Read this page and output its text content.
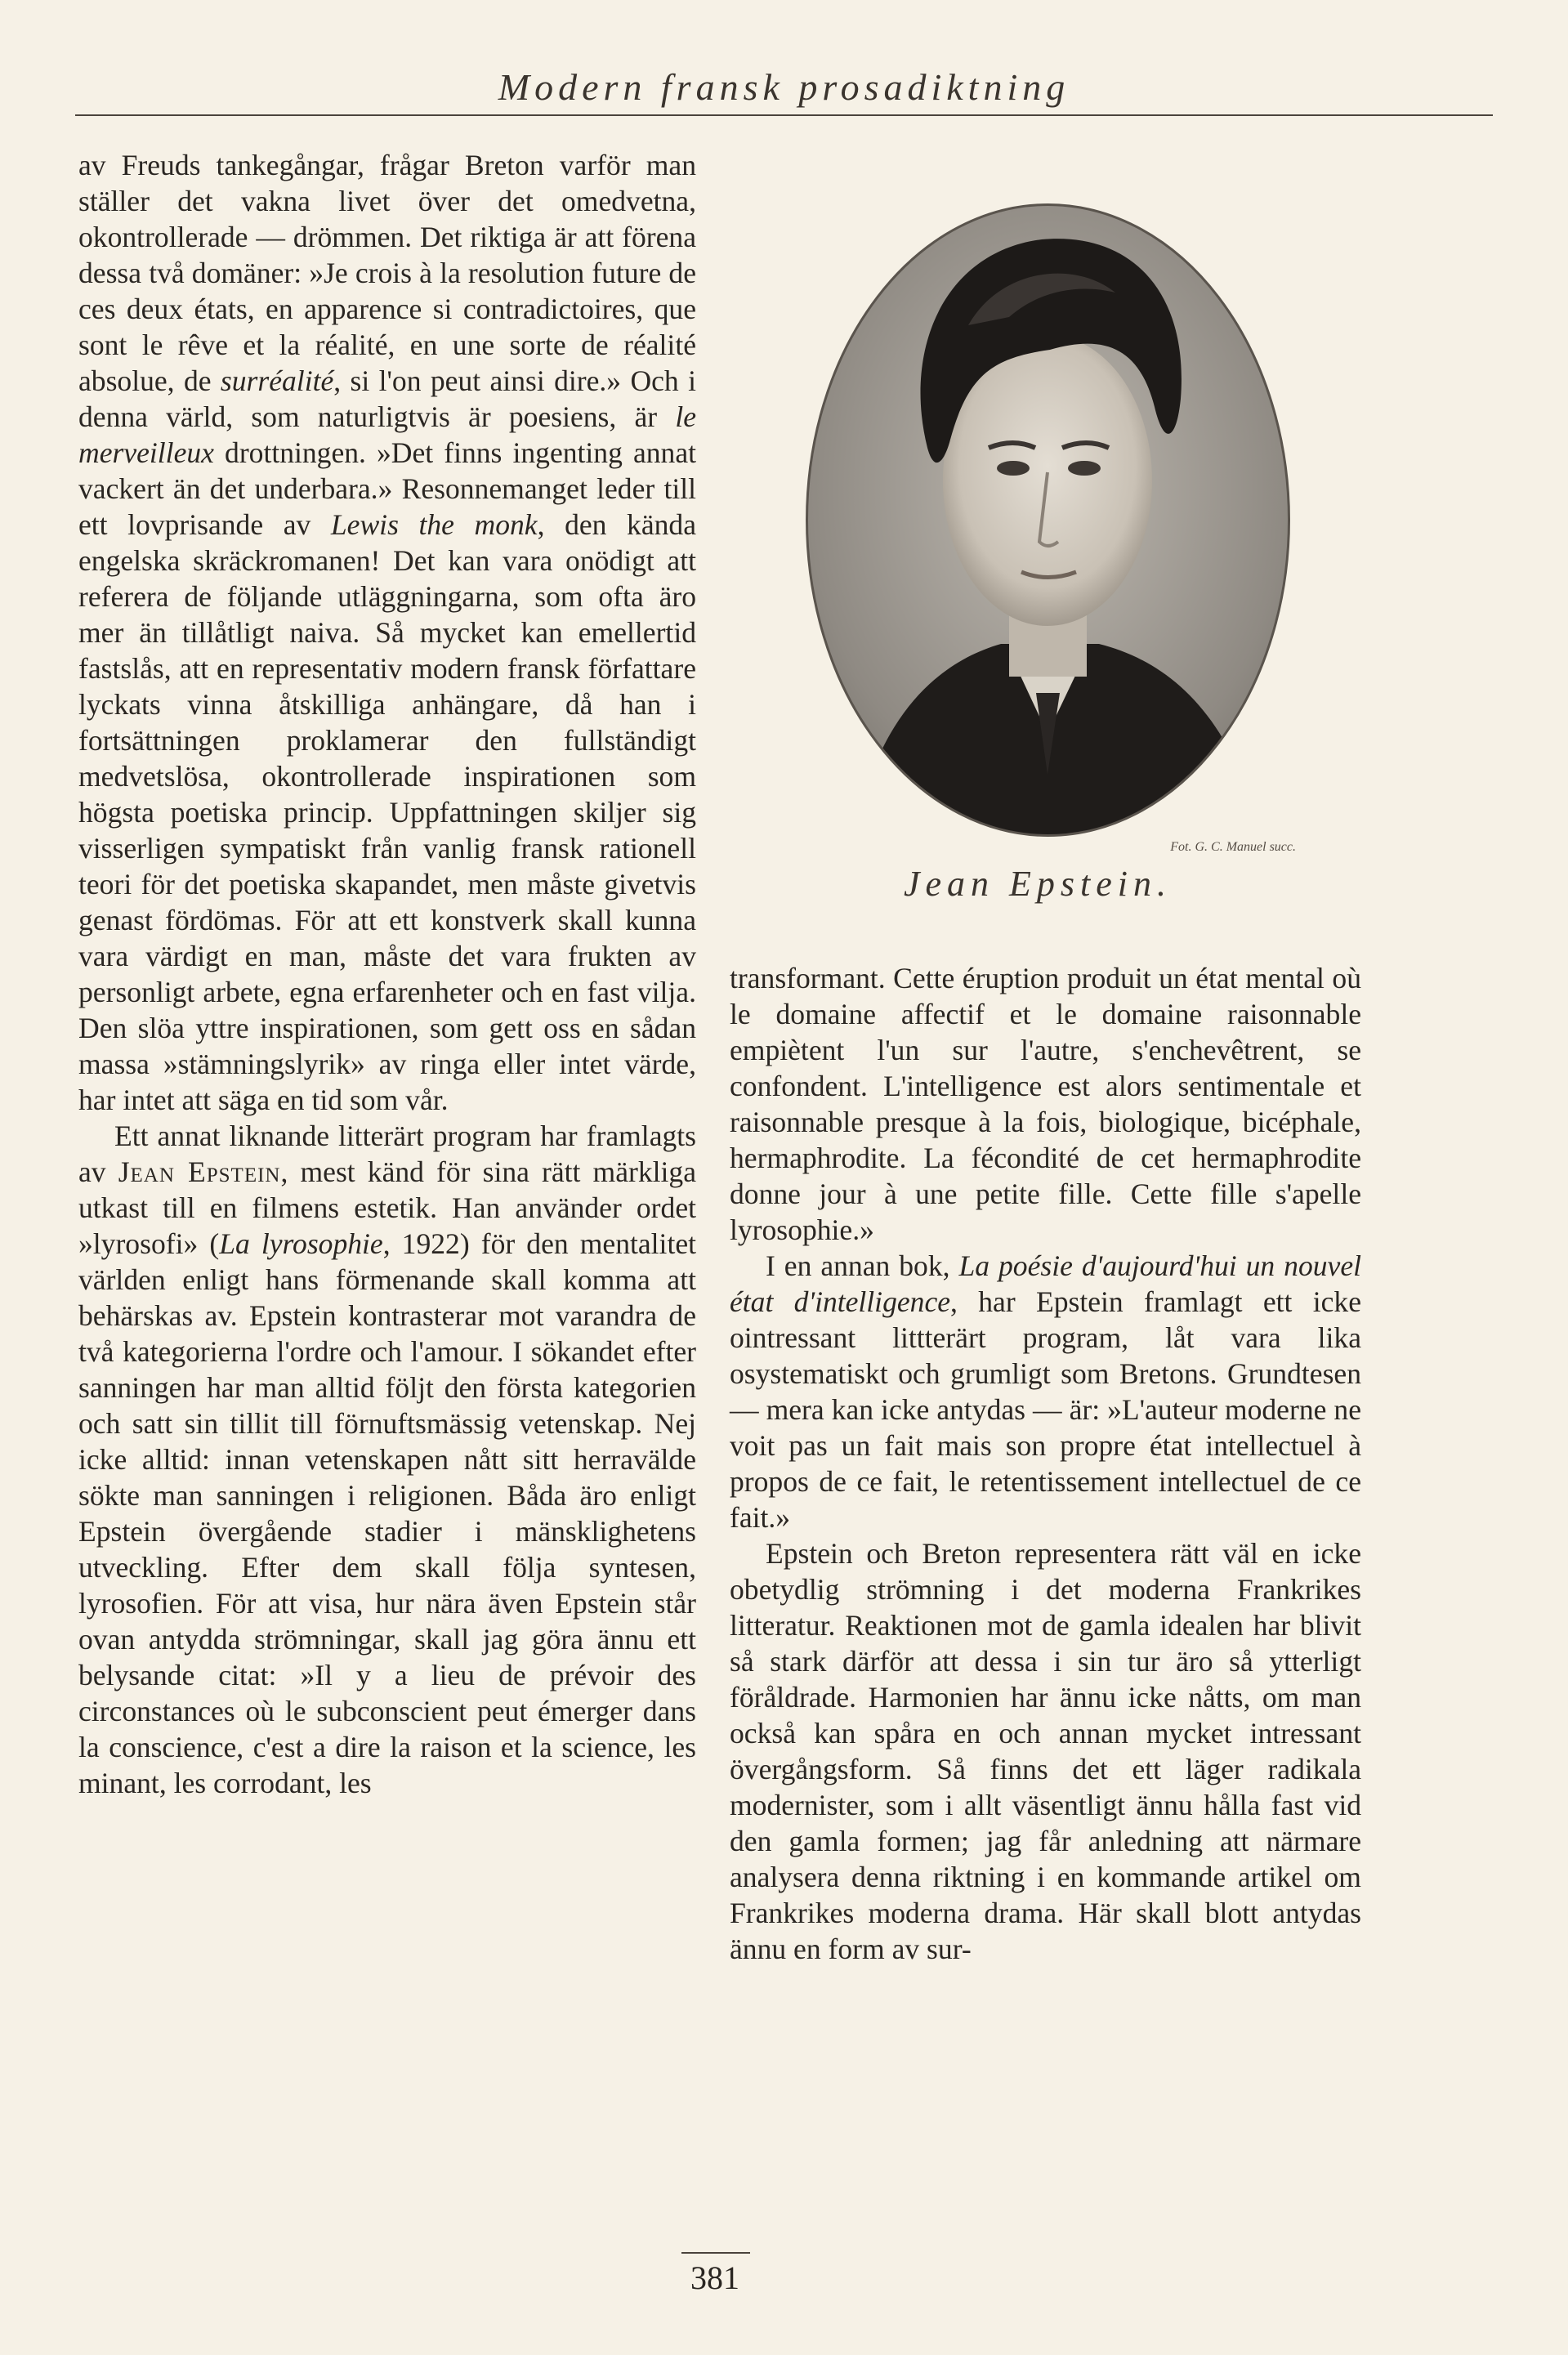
Modern fransk prosadiktning

av Freuds tankegångar, frågar Breton varför man ställer det vakna livet över det omedvetna, okontrollerade — drömmen. Det riktiga är att förena dessa två domäner: »Je crois à la resolution future de ces deux états, en apparence si contradictoires, que sont le rêve et la réalité, en une sorte de réalité absolue, de surréalité, si l'on peut ainsi dire.» Och i denna värld, som naturligtvis är poesiens, är le merveilleux drottningen. »Det finns ingenting annat vackert än det underbara.» Resonnemanget leder till ett lovprisande av Lewis the monk, den kända engelska skräckromanen! Det kan vara onödigt att referera de följande utläggningarna, som ofta äro mer än tillåtligt naiva. Så mycket kan emellertid fastslås, att en representativ modern fransk författare lyckats vinna åtskilliga anhängare, då han i fortsättningen proklamerar den fullständigt medvetslösa, okontrollerade inspirationen som högsta poetiska princip. Uppfattningen skiljer sig visserligen sympatiskt från vanlig fransk rationell teori för det poetiska skapandet, men måste givetvis genast fördömas. För att ett konstverk skall kunna vara värdigt en man, måste det vara frukten av personligt arbete, egna erfarenheter och en fast vilja. Den slöa yttre inspirationen, som gett oss en sådan massa »stämningslyrik» av ringa eller intet värde, har intet att säga en tid som vår.

Ett annat liknande litterärt program har framlagts av Jean Epstein, mest känd för sina rätt märkliga utkast till en filmens estetik. Han använder ordet »lyrosofi» (La lyrosophie, 1922) för den mentalitet världen enligt hans förmenande skall komma att behärskas av. Epstein kontrasterar mot varandra de två kategorierna l'ordre och l'amour. I sökandet efter sanningen har man alltid följt den första kategorien och satt sin tillit till förnuftsmässig vetenskap. Nej icke alltid: innan vetenskapen nått sitt herravälde sökte man sanningen i religionen. Båda äro enligt Epstein övergående stadier i mänsklighetens utveckling. Efter dem skall följa syntesen, lyrosofien. För att visa, hur nära även Epstein står ovan antydda strömningar, skall jag göra ännu ett belysande citat: »Il y a lieu de prévoir des circonstances où le subconscient peut émerger dans la conscience, c'est a dire la raison et la science, les minant, les corrodant, les

Fot. G. C. Manuel succ.
Jean Epstein.

transformant. Cette éruption produit un état mental où le domaine affectif et le domaine raisonnable empiètent l'un sur l'autre, s'enchevêtrent, se confondent. L'intelligence est alors sentimentale et raisonnable presque à la fois, biologique, bicéphale, hermaphrodite. La fécondité de cet hermaphrodite donne jour à une petite fille. Cette fille s'apelle lyrosophie.»

I en annan bok, La poésie d'aujourd'hui un nouvel état d'intelligence, har Epstein framlagt ett icke ointressant littterärt program, låt vara lika osystematiskt och grumligt som Bretons. Grundtesen — mera kan icke antydas — är: »L'auteur moderne ne voit pas un fait mais son propre état intellectuel à propos de ce fait, le retentissement intellectuel de ce fait.»

Epstein och Breton representera rätt väl en icke obetydlig strömning i det moderna Frankrikes litteratur. Reaktionen mot de gamla idealen har blivit så stark därför att dessa i sin tur äro så ytterligt föråldrade. Harmonien har ännu icke nåtts, om man också kan spåra en och annan mycket intressant övergångsform. Så finns det ett läger radikala modernister, som i allt väsentligt ännu hålla fast vid den gamla formen; jag får anledning att närmare analysera denna riktning i en kommande artikel om Frankrikes moderna drama. Här skall blott antydas ännu en form av sur-

381
